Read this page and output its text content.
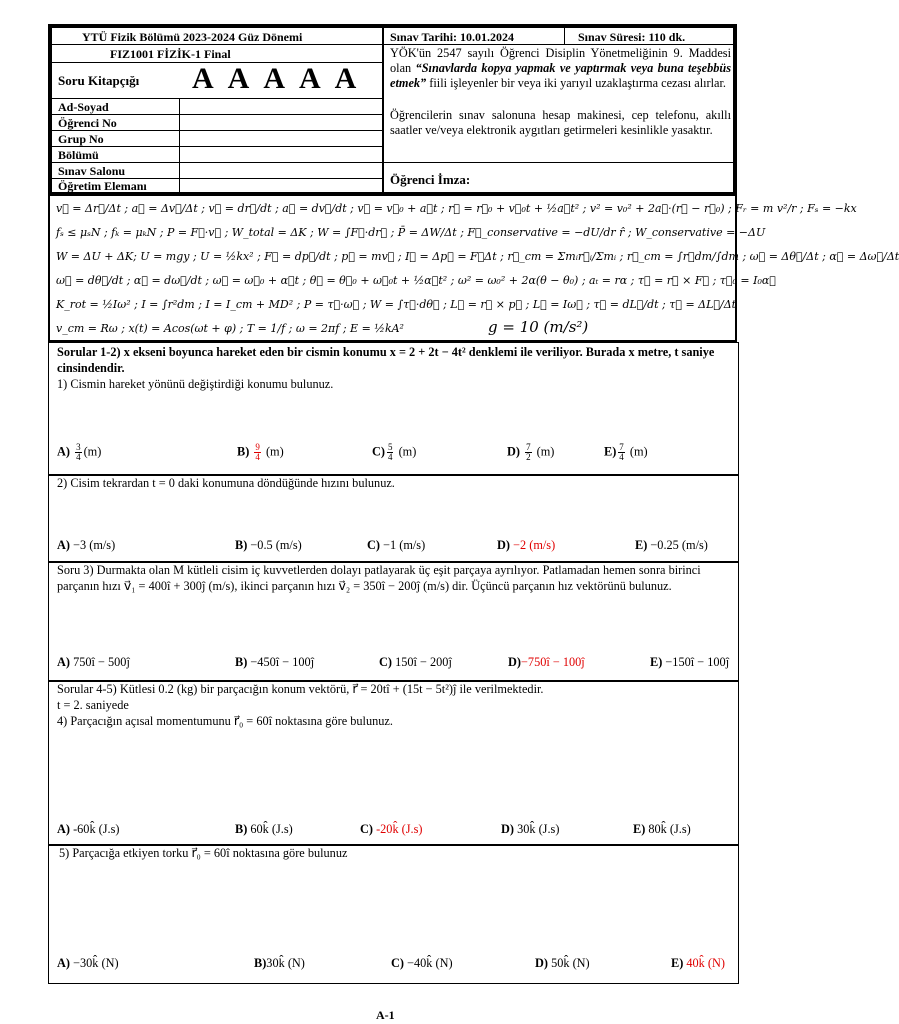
YTÜ Fizik Bölümü 2023-2024 Güz Dönemi
FIZ1001 FİZİK-1 Final
Soru Kitapçığı AAAAA
Ad-Soyad
Öğrenci No
Grup No
Bölümü
Sınav Salonu
Öğretim Elemanı
Sınav Tarihi: 10.01.2024	Sınav Süresi: 110 dk.
YÖK'ün 2547 sayılı Öğrenci Disiplin Yönetmeliğinin 9. Maddesi olan “Sınavlarda kopya yapmak ve yaptırmak veya buna teşebbüs etmek” fiili işleyenler bir veya iki yarıyıl uzaklaştırma cezası alırlar.
Öğrencilerin sınav salonuna hesap makinesi, cep telefonu, akıllı saatler ve/veya elektronik aygıtları getirmeleri kesinlikle yasaktır.
Öğrenci İmza:
v⃗ = Δr⃗/Δt ; a⃗ = Δv⃗/Δt ; v⃗ = dr⃗/dt ; a⃗ = dv⃗/dt ; v⃗ = v⃗₀ + a⃗t ; r⃗ = r⃗₀ + v⃗₀t + ½a⃗t² ; v² = v₀² + 2a⃗·(r⃗ − r⃗₀) ; Fᵣ = m v²/r ; Fₛ = −kx
fₛ ≤ μₛN ; fₖ = μₖN ; P = F⃗·v⃗ ; W_total = ΔK ; W = ∫F⃗·dr⃗ ; P̄ = ΔW/Δt ; F⃗_conservative = −dU/dr r̂ ; W_conservative = −ΔU
W = ΔU + ΔK; U = mgy ; U = ½kx² ; F⃗ = dp⃗/dt ; p⃗ = mv⃗ ; I⃗ = Δp⃗ = F⃗Δt ; r⃗_cm = Σmᵢr⃗ᵢ/Σmᵢ ; r⃗_cm = ∫r⃗dm/∫dm ; ω⃗ = Δθ⃗/Δt ; α⃗ = Δω⃗/Δt
ω⃗ = dθ⃗/dt ; α⃗ = dω⃗/dt ; ω⃗ = ω⃗₀ + α⃗t ; θ⃗ = θ⃗₀ + ω⃗₀t + ½α⃗t² ; ω² = ω₀² + 2α(θ − θ₀) ; aₜ = rα ; τ⃗ = r⃗ × F⃗ ; τ⃗₀ = I₀α⃗
K_rot = ½Iω² ; I = ∫r²dm ; I = I_cm + MD² ; P = τ⃗·ω⃗ ; W = ∫τ⃗·dθ⃗ ; L⃗ = r⃗ × p⃗ ; L⃗ = Iω⃗ ; τ⃗ = dL⃗/dt ; τ⃗ = ΔL⃗/Δt
v_cm = Rω ; x(t) = Acos(ωt + φ) ; T = 1/f ; ω = 2πf ; E = ½kA²	g = 10 (m/s²)
Sorular 1-2) x ekseni boyunca hareket eden bir cismin konumu x = 2 + 2t − 4t² denklemi ile veriliyor. Burada x metre, t saniye cinsindendir.
1) Cismin hareket yönünü değiştirdiği konumu bulunuz.
$A) \frac{3}{4} (m)$	$B) \frac{9}{4} (m)$	$C) \frac{5}{4} (m)$	$D) \frac{7}{2} (m)$	$E) \frac{7}{4} (m)$
2) Cisim tekrardan t = 0 daki konumuna döndüğünde hızını bulunuz.
A) −3 (m/s)	B) −0.5 (m/s)	C) −1 (m/s)	D) −2 (m/s)	E) −0.25 (m/s)
Soru 3) Durmakta olan M kütleli cisim iç kuvvetlerden dolayı patlayarak üç eşit parçaya ayrılıyor. Patlamadan hemen sonra birinci parçanın hızı v⃗₁ = 400î + 300ĵ (m/s), ikinci parçanın hızı v⃗₂ = 350î − 200ĵ (m/s) dir. Üçüncü parçanın hız vektörünü bulunuz.
A) 750î − 500ĵ	B) −450î − 100ĵ	C) 150î − 200ĵ	D)−750î − 100ĵ	E) −150î − 100ĵ
Sorular 4-5) Kütlesi 0.2 (kg) bir parçacığın konum vektörü, r⃗ = 20tî + (15t − 5t²)ĵ ile verilmektedir.
t = 2. saniyede
4) Parçacığın açısal momentumunu r⃗₀ = 60î noktasına göre bulunuz.
A) -60k̂ (J.s)	B) 60k̂ (J.s)	C) -20k̂ (J.s)	D) 30k̂ (J.s)	E) 80k̂ (J.s)
5) Parçacığa etkiyen torku r⃗₀ = 60î noktasına göre bulunuz
A) −30k̂ (N)	B)30k̂ (N)	C) −40k̂ (N)	D) 50k̂ (N)	E) 40k̂ (N)
A-1
